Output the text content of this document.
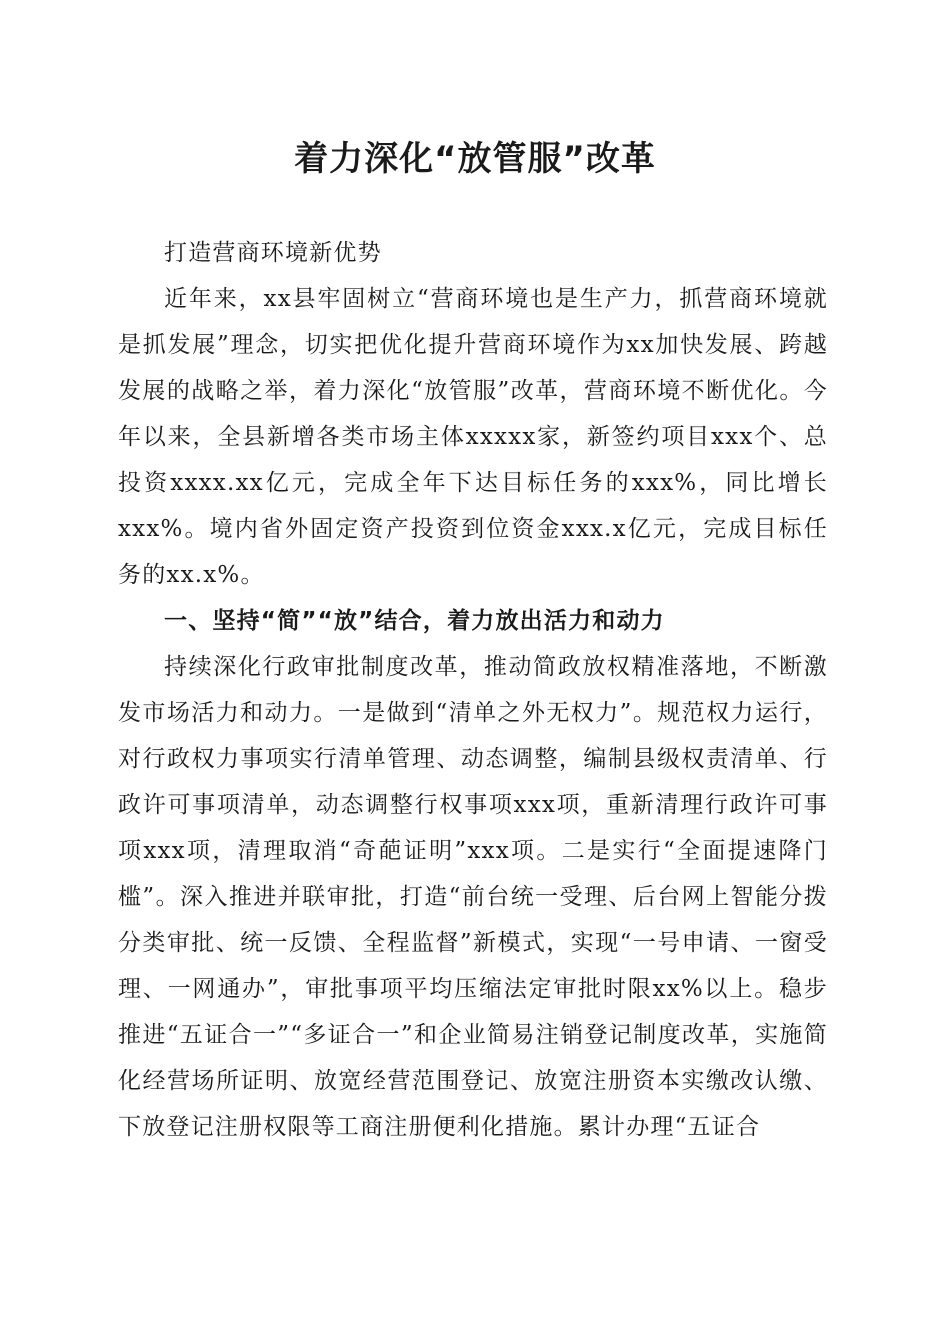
着力深化“放管服”改革

打造营商环境新优势

近年来，xx县牢固树立“营商环境也是生产力，抓营商环境就是抓发展”理念，切实把优化提升营商环境作为xx加快发展、跨越发展的战略之举，着力深化“放管服”改革，营商环境不断优化。今年以来，全县新增各类市场主体xxxxx家，新签约项目xxx个、总投资xxxx.xx亿元，完成全年下达目标任务的xxx%，同比增长xxx%。境内省外固定资产投资到位资金xxx.x亿元，完成目标任务的xx.x%。

一、坚持“简”“放”结合，着力放出活力和动力

持续深化行政审批制度改革，推动简政放权精准落地，不断激发市场活力和动力。一是做到“清单之外无权力”。规范权力运行，对行政权力事项实行清单管理、动态调整，编制县级权责清单、行政许可事项清单，动态调整行权事项xxx项，重新清理行政许可事项xxx项，清理取消“奇葩证明”xxx项。二是实行“全面提速降门槛”。深入推进并联审批，打造“前台统一受理、后台网上智能分拨分类审批、统一反馈、全程监督”新模式，实现“一号申请、一窗受理、一网通办”，审批事项平均压缩法定审批时限xx%以上。稳步推进“五证合一”“多证合一”和企业简易注销登记制度改革，实施简化经营场所证明、放宽经营范围登记、放宽注册资本实缴改认缴、下放登记注册权限等工商注册便利化措施。累计办理“五证合
